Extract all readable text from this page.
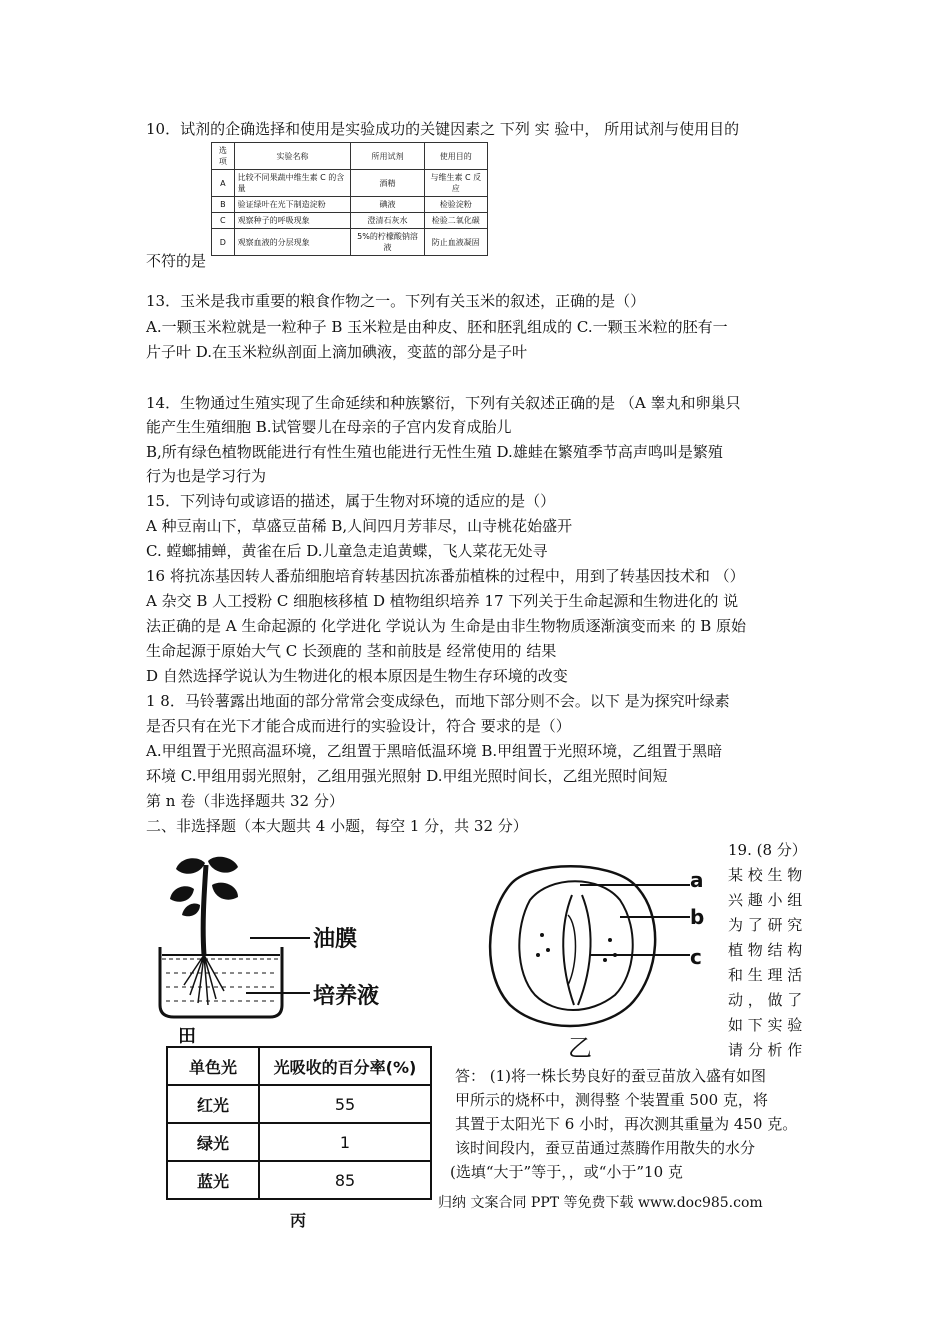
10．试剂的企确选择和使用是实验成功的关键因素之 下列 实 验中， 所用试剂与使用目的
选项	实验名称	所用试剂	使用目的
A	比较不同果蔬中维生素 C 的含量	酒精	与维生素 C 反应
B	验证绿叶在光下制造淀粉	碘液	检验淀粉
C	观察种子的呼吸现象	澄清石灰水	检验二氧化碳
D	观察血液的分层现象	5%的柠檬酸钠溶液	防止血液凝固
不符的是
13．玉米是我市重要的粮食作物之一。下列有关玉米的叙述，正确的是（）
A.一颗玉米粒就是一粒种子 B 玉米粒是由种皮、胚和胚乳组成的 C.一颗玉米粒的胚有一
片子叶 D.在玉米粒纵剖面上滴加碘液，变蓝的部分是子叶
14．生物通过生殖实现了生命延续和种族繁衍，下列有关叙述正确的是 （A 睾丸和卵巢只
能产生生殖细胞 B.试管婴儿在母亲的子宫内发育成胎儿
B,所有绿色植物既能进行有性生殖也能进行无性生殖 D.雄蛙在繁殖季节高声鸣叫是繁殖
行为也是学习行为
15．下列诗句或谚语的描述，属于生物对环境的适应的是（）
A 种豆南山下，草盛豆苗稀 B,人间四月芳菲尽，山寺桃花始盛开
C. 螳螂捕蝉，黄雀在后 D.儿童急走追黄蝶，飞人菜花无处寻
16 将抗冻基因转人番茄细胞培育转基因抗冻番茄植株的过程中，用到了转基因技术和 （）
A 杂交 B 人工授粉 C 细胞核移植 D 植物组织培养 17 下列关于生命起源和生物进化的 说
法正确的是 A 生命起源的 化学进化 学说认为 生命是由非生物物质逐渐演变而来 的 B 原始
生命起源于原始大气 C 长颈鹿的 茎和前肢是 经常使用的 结果
D 自然选择学说认为生物进化的根本原因是生物生存环境的改变
1 8．马铃薯露出地面的部分常常会变成绿色，而地下部分则不会。以下 是为探究叶绿素
是否只有在光下才能合成而进行的实验设计，符合 要求的是（）
A.甲组置于光照高温环境，乙组置于黑暗低温环境 B.甲组置于光照环境，乙组置于黑暗
环境 C.甲组用弱光照射，乙组用强光照射 D.甲组光照时间长，乙组光照时间短
第 n 卷（非选择题共 32 分）
二、非选择题（本大题共 4 小题，每空 1 分，共 32 分）
19. (8 分）
某 校 生 物
兴 趣 小 组
为 了 研 究
植 物 结 构
和 生 理 活
动 ， 做 了
如 下 实 验
请 分 析 作
答： (1)将一株长势良好的蚕豆苗放入盛有如图
甲所示的烧杯中，测得整 个装置重 500 克，将
其置于太阳光下 6 小时，再次测其重量为 450 克。
该时间段内，蚕豆苗通过蒸腾作用散失的水分
(选填“大于”等于，，或“小于”10 克
归纳 文案合同 PPT 等免费下载 www.doc985.com
油膜
培养液
田
a
b
c
乙
单色光	光吸收的百分率(%)
红光	55
绿光	1
蓝光	85
丙
